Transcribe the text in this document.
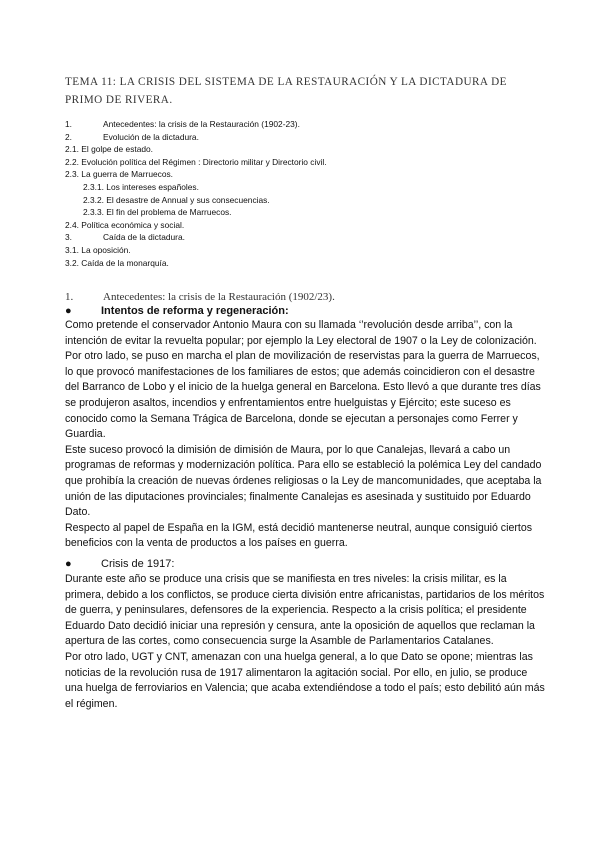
TEMA 11: LA CRISIS DEL SISTEMA DE LA RESTAURACIÓN Y LA DICTADURA DE PRIMO DE RIVERA.
1.	Antecedentes: la crisis de la Restauración (1902-23).
2.	Evolución de la dictadura.
2.1. El golpe de estado.
2.2. Evolución política del Régimen : Directorio militar y Directorio civil.
2.3. La guerra de Marruecos.
2.3.1. Los intereses españoles.
2.3.2. El desastre de Annual y sus consecuencias.
2.3.3. El fin del problema de Marruecos.
2.4. Política económica y social.
3.	Caída de la dictadura.
3.1. La oposición.
3.2. Caída de la monarquía.
1.	Antecedentes: la crisis de la Restauración (1902/23).
●	Intentos de reforma y regeneración:

Como pretende el conservador Antonio Maura con su llamada ‘’revolución desde arriba’’, con la intención de evitar la revuelta popular; por ejemplo la Ley electoral de 1907 o la Ley de colonización.

Por otro lado, se puso en marcha el plan de movilización de reservistas para la guerra de Marruecos, lo que provocó manifestaciones de los familiares de estos; que además coincidieron con el desastre del Barranco de Lobo y el inicio de la huelga general en Barcelona. Esto llevó a que durante tres días se produjeron asaltos, incendios y enfrentamientos entre huelguistas y Ejército; este suceso es conocido como la Semana Trágica de Barcelona, donde se ejecutan a personajes como Ferrer y Guardia.

Este suceso provocó la dimisión de dimisión de Maura, por lo que Canalejas, llevará a cabo un programas de reformas y modernización política. Para ello se estableció la polémica Ley del candado que prohibía la creación de nuevas órdenes religiosas o la Ley de mancomunidades, que aceptaba la unión de las diputaciones provinciales; finalmente Canalejas es asesinada y sustituido por Eduardo Dato.

Respecto al papel de España en la IGM, está decidió mantenerse neutral, aunque consiguió ciertos beneficios con la venta de productos a los países en guerra.

●	Crisis de 1917:

Durante este año se produce una crisis que se manifiesta en tres niveles: la crisis militar, es la primera, debido a los conflictos, se produce cierta división entre africanistas, partidarios de los méritos de guerra, y peninsulares, defensores de la experiencia. Respecto a la crisis política; el presidente Eduardo Dato decidió iniciar una represión y censura, ante la oposición de aquellos que reclaman la apertura de las cortes, como consecuencia surge la Asamble de Parlamentarios Catalanes.

Por otro lado, UGT y CNT, amenazan con una huelga general, a lo que Dato se opone; mientras las noticias de la revolución rusa de 1917 alimentaron la agitación social. Por ello, en julio, se produce una huelga de ferroviarios en Valencia; que acaba extendiéndose a todo el país; esto debilitó aún más el régimen.
